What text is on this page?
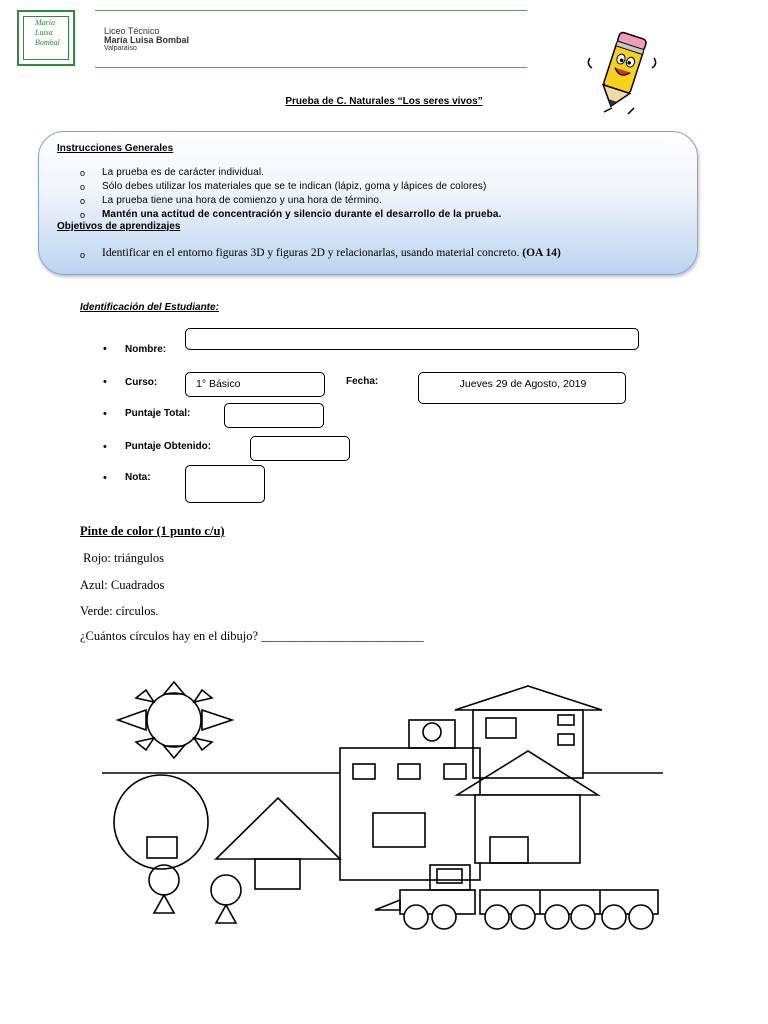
María
Luisa
Bombal
Liceo Técnico
María Luisa Bombal
Valparaíso
Prueba de C. Naturales “Los seres vivos”
Instrucciones Generales
o La prueba es de carácter individual.
o Sólo debes utilizar los materiales que se te indican (lápiz, goma y lápices de colores)
o La prueba tiene una hora de comienzo y una hora de término.
o Mantén una actitud de concentración y silencio durante el desarrollo de la prueba.
Objetivos de aprendizajes
o Identificar en el entorno figuras 3D y figuras 2D y relacionarlas, usando material concreto. (OA 14)
Identificación del Estudiante:
• Nombre:
• Curso:	1° Básico	Fecha:	Jueves 29 de Agosto, 2019
• Puntaje Total:
• Puntaje Obtenido:
• Nota:
Pinte de color (1 punto c/u)
Rojo: triángulos
Azul: Cuadrados
Verde: círculos.
¿Cuántos círculos hay en el dibujo? __________________________
